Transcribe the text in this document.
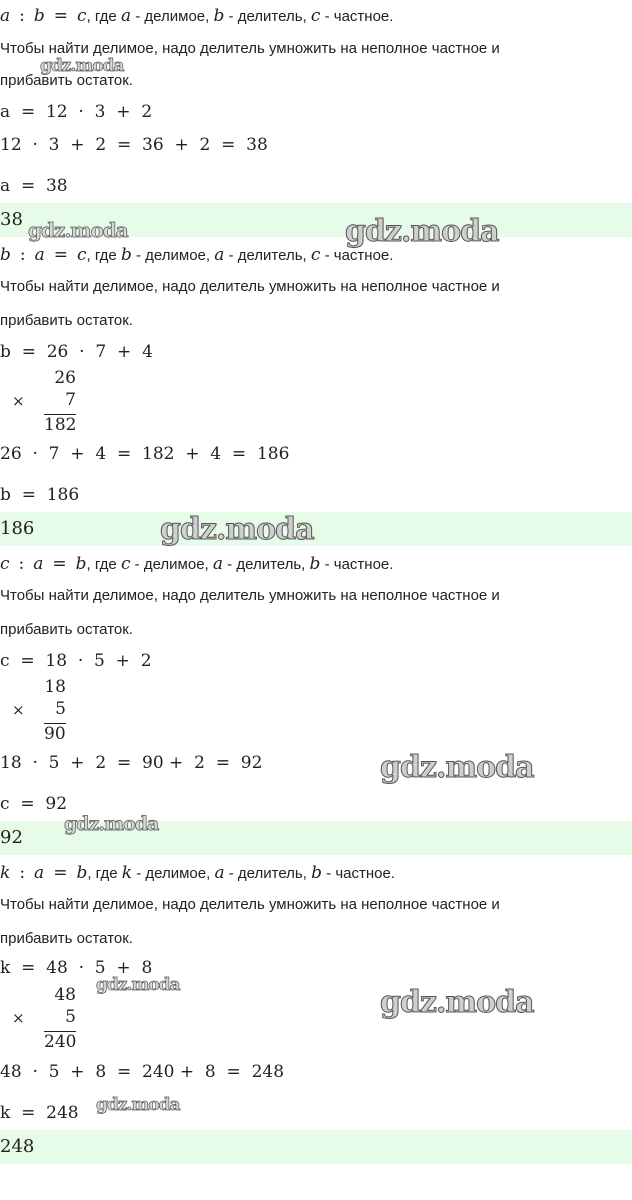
a : b = c, где a - делимое, b - делитель, c - частное.
Чтобы найти делимое, надо делитель умножить на неполное частное и
прибавить остаток.
a  =  12  ·  3  +  2
12  ·  3  +  2  =  36  +  2  =  38
a  =  38
38
b : a = c, где b - делимое, a - делитель, c - частное.
Чтобы найти делимое, надо делитель умножить на неполное частное и
прибавить остаток.
b  =  26  ·  7  +  4
26
× 7
182
26  ·  7  +  4  =  182  +  4  =  186
b  =  186
186
c : a = b, где c - делимое, a - делитель, b - частное.
Чтобы найти делимое, надо делитель умножить на неполное частное и
прибавить остаток.
c  =  18  ·  5  +  2
18
× 5
90
18  ·  5  +  2  =  90 +  2  =  92
c  =  92
92
k : a = b, где k - делимое, a - делитель, b - частное.
Чтобы найти делимое, надо делитель умножить на неполное частное и
прибавить остаток.
k  =  48  ·  5  +  8
48
× 5
240
48  ·  5  +  8  =  240 +  8  =  248
k  =  248
248
gdz.moda
gdz.moda	gdz.moda
gdz.moda
gdz.moda
gdz.moda
gdz.moda	gdz.moda
gdz.moda
